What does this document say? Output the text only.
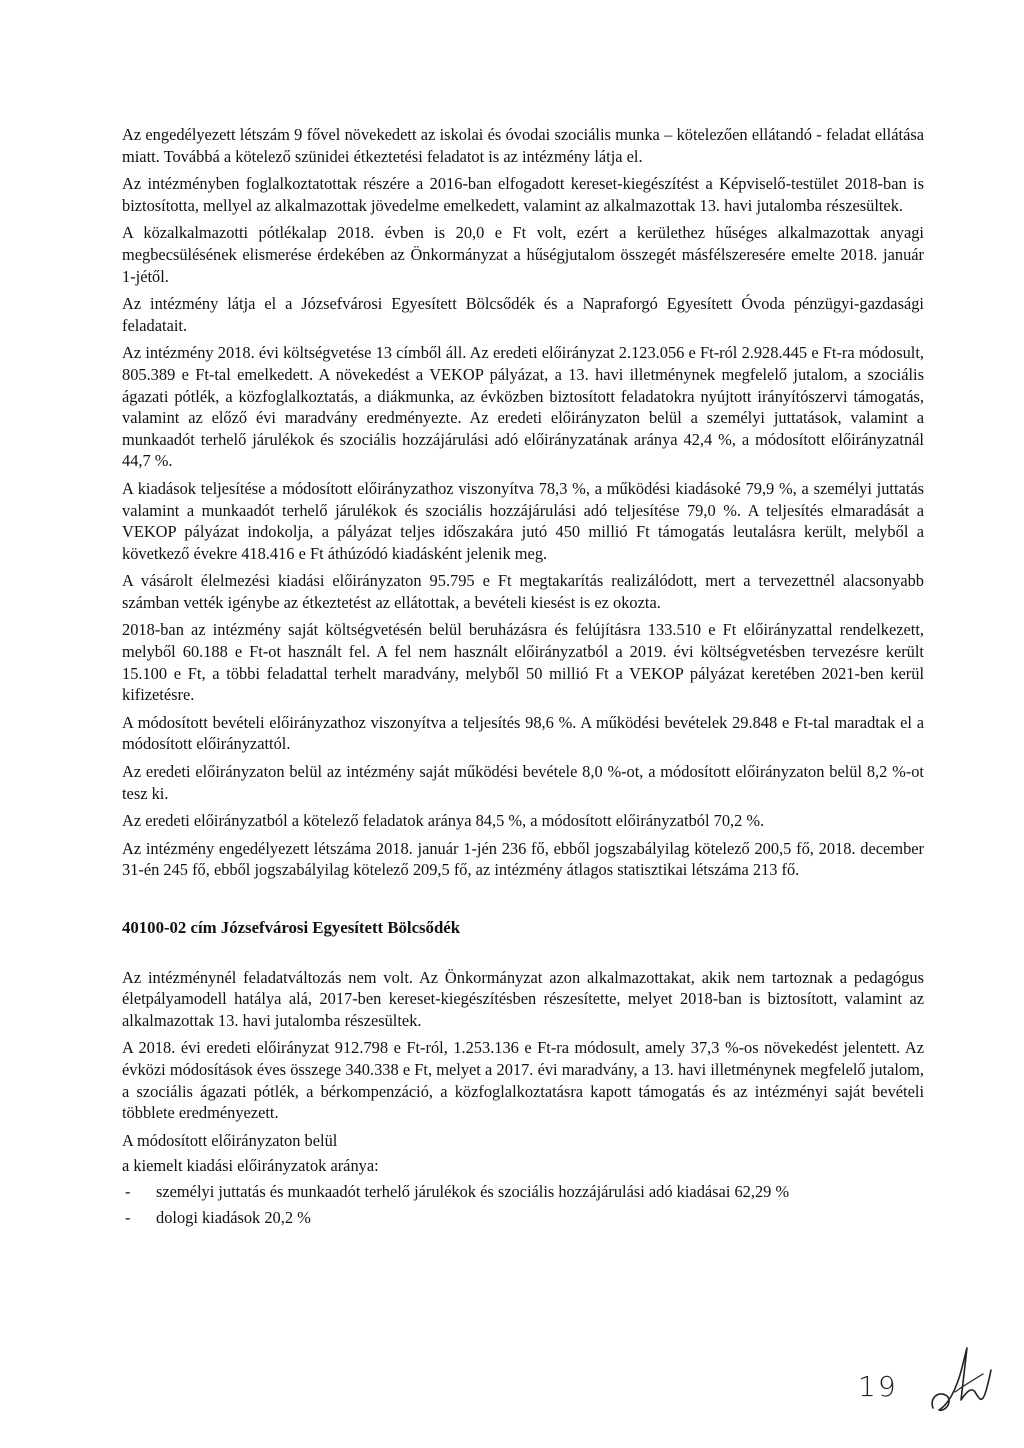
Az engedélyezett létszám 9 fővel növekedett az iskolai és óvodai szociális munka – kötelezően ellátandó - feladat ellátása miatt. Továbbá a kötelező szünidei étkeztetési feladatot is az intézmény látja el.

Az intézményben foglalkoztatottak részére a 2016-ban elfogadott kereset-kiegészítést a Képviselő-testület 2018-ban is biztosította, mellyel az alkalmazottak jövedelme emelkedett, valamint az alkalmazottak 13. havi jutalomba részesültek.

A közalkalmazotti pótlékalap 2018. évben is 20,0 e Ft volt, ezért a kerülethez hűséges alkalmazottak anyagi megbecsülésének elismerése érdekében az Önkormányzat a hűségjutalom összegét másfélszeresére emelte 2018. január 1-jétől.

Az intézmény látja el a Józsefvárosi Egyesített Bölcsődék és a Napraforgó Egyesített Óvoda pénzügyi-gazdasági feladatait.

Az intézmény 2018. évi költségvetése 13 címből áll. Az eredeti előirányzat 2.123.056 e Ft-ról 2.928.445 e Ft-ra módosult, 805.389 e Ft-tal emelkedett. A növekedést a VEKOP pályázat, a 13. havi illetménynek megfelelő jutalom, a szociális ágazati pótlék, a közfoglalkoztatás, a diákmunka, az évközben biztosított feladatokra nyújtott irányítószervi támogatás, valamint az előző évi maradvány eredményezte. Az eredeti előirányzaton belül a személyi juttatások, valamint a munkaadót terhelő járulékok és szociális hozzájárulási adó előirányzatának aránya 42,4 %, a módosított előirányzatnál 44,7 %.

A kiadások teljesítése a módosított előirányzathoz viszonyítva 78,3 %, a működési kiadásoké 79,9 %, a személyi juttatás valamint a munkaadót terhelő járulékok és szociális hozzájárulási adó teljesítése 79,0 %. A teljesítés elmaradását a VEKOP pályázat indokolja, a pályázat teljes időszakára jutó 450 millió Ft támogatás leutalásra került, melyből a következő évekre 418.416 e Ft áthúzódó kiadásként jelenik meg.

A vásárolt élelmezési kiadási előirányzaton 95.795 e Ft megtakarítás realizálódott, mert a tervezettnél alacsonyabb számban vették igénybe az étkeztetést az ellátottak, a bevételi kiesést is ez okozta.

2018-ban az intézmény saját költségvetésén belül beruházásra és felújításra 133.510 e Ft előirányzattal rendelkezett, melyből 60.188 e Ft-ot használt fel. A fel nem használt előirányzatból a 2019. évi költségvetésben tervezésre került 15.100 e Ft, a többi feladattal terhelt maradvány, melyből 50 millió Ft a VEKOP pályázat keretében 2021-ben kerül kifizetésre.

A módosított bevételi előirányzathoz viszonyítva a teljesítés 98,6 %. A működési bevételek 29.848 e Ft-tal maradtak el a módosított előirányzattól.

Az eredeti előirányzaton belül az intézmény saját működési bevétele 8,0 %-ot, a módosított előirányzaton belül 8,2 %-ot tesz ki.

Az eredeti előirányzatból a kötelező feladatok aránya 84,5 %, a módosított előirányzatból 70,2 %.

Az intézmény engedélyezett létszáma 2018. január 1-jén 236 fő, ebből jogszabályilag kötelező 200,5 fő, 2018. december 31-én 245 fő, ebből jogszabályilag kötelező 209,5 fő, az intézmény átlagos statisztikai létszáma 213 fő.

40100-02 cím Józsefvárosi Egyesített Bölcsődék

Az intézménynél feladatváltozás nem volt. Az Önkormányzat azon alkalmazottakat, akik nem tartoznak a pedagógus életpályamodell hatálya alá, 2017-ben kereset-kiegészítésben részesítette, melyet 2018-ban is biztosított, valamint az alkalmazottak 13. havi jutalomba részesültek.

A 2018. évi eredeti előirányzat 912.798 e Ft-ról, 1.253.136 e Ft-ra módosult, amely 37,3 %-os növekedést jelentett. Az évközi módosítások éves összege 340.338 e Ft, melyet a 2017. évi maradvány, a 13. havi illetménynek megfelelő jutalom, a szociális ágazati pótlék, a bérkompenzáció, a közfoglalkoztatásra kapott támogatás és az intézményi saját bevételi többlete eredményezett.

A módosított előirányzaton belül

a kiemelt kiadási előirányzatok aránya:

- személyi juttatás és munkaadót terhelő járulékok és szociális hozzájárulási adó kiadásai 62,29 %
- dologi kiadások 20,2 %
19
